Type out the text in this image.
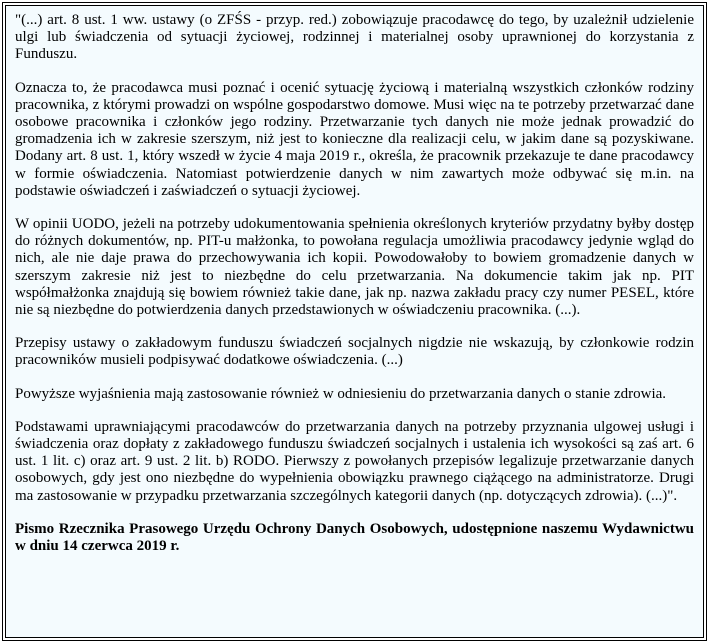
"(...) art. 8 ust. 1 ww. ustawy (o ZFŚS - przyp. red.) zobowiązuje pracodawcę do tego, by uzależnił udzielenie ulgi lub świadczenia od sytuacji życiowej, rodzinnej i materialnej osoby uprawnionej do korzystania z Funduszu.

Oznacza to, że pracodawca musi poznać i ocenić sytuację życiową i materialną wszystkich członków rodziny pracownika, z którymi prowadzi on wspólne gospodarstwo domowe. Musi więc na te potrzeby przetwarzać dane osobowe pracownika i członków jego rodziny. Przetwarzanie tych danych nie może jednak prowadzić do gromadzenia ich w zakresie szerszym, niż jest to konieczne dla realizacji celu, w jakim dane są pozyskiwane. Dodany art. 8 ust. 1, który wszedł w życie 4 maja 2019 r., określa, że pracownik przekazuje te dane pracodawcy w formie oświadczenia. Natomiast potwierdzenie danych w nim zawartych może odbywać się m.in. na podstawie oświadczeń i zaświadczeń o sytuacji życiowej.

W opinii UODO, jeżeli na potrzeby udokumentowania spełnienia określonych kryteriów przydatny byłby dostęp do różnych dokumentów, np. PIT-u małżonka, to powołana regulacja umożliwia pracodawcy jedynie wgląd do nich, ale nie daje prawa do przechowywania ich kopii. Powodowałoby to bowiem gromadzenie danych w szerszym zakresie niż jest to niezbędne do celu przetwarzania. Na dokumencie takim jak np. PIT współmałżonka znajdują się bowiem również takie dane, jak np. nazwa zakładu pracy czy numer PESEL, które nie są niezbędne do potwierdzenia danych przedstawionych w oświadczeniu pracownika. (...).

Przepisy ustawy o zakładowym funduszu świadczeń socjalnych nigdzie nie wskazują, by członkowie rodzin pracowników musieli podpisywać dodatkowe oświadczenia. (...)

Powyższe wyjaśnienia mają zastosowanie również w odniesieniu do przetwarzania danych o stanie zdrowia.

Podstawami uprawniającymi pracodawców do przetwarzania danych na potrzeby przyznania ulgowej usługi i świadczenia oraz dopłaty z zakładowego funduszu świadczeń socjalnych i ustalenia ich wysokości są zaś art. 6 ust. 1 lit. c) oraz art. 9 ust. 2 lit. b) RODO. Pierwszy z powołanych przepisów legalizuje przetwarzanie danych osobowych, gdy jest ono niezbędne do wypełnienia obowiązku prawnego ciążącego na administratorze. Drugi ma zastosowanie w przypadku przetwarzania szczególnych kategorii danych (np. dotyczących zdrowia). (...)".

Pismo Rzecznika Prasowego Urzędu Ochrony Danych Osobowych, udostępnione naszemu Wydawnictwu w dniu 14 czerwca 2019 r.
